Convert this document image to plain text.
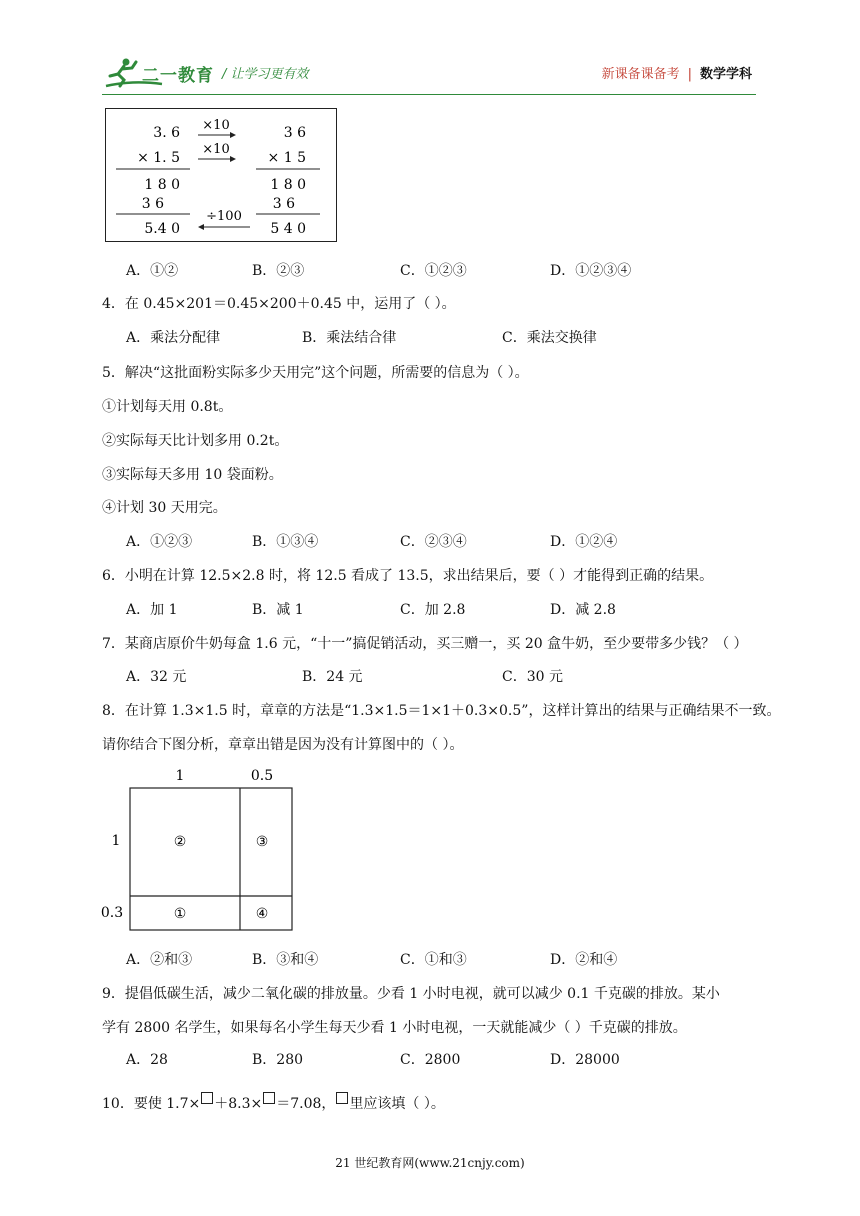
二一教育 / 让学习更有效	新课备课备考 | 数学学科
3. 6
× 1. 5
1 8 0
3 6
5.4 0
×10
×10
÷100
3 6
× 1 5
1 8 0
3 6
5 4 0
A．①②	B．②③	C．①②③	D．①②③④
4．在 0.45×201＝0.45×200＋0.45 中，运用了（ ）。
A．乘法分配律	B．乘法结合律	C．乘法交换律
5．解决“这批面粉实际多少天用完”这个问题，所需要的信息为（ ）。
①计划每天用 0.8t。
②实际每天比计划多用 0.2t。
③实际每天多用 10 袋面粉。
④计划 30 天用完。
A．①②③	B．①③④	C．②③④	D．①②④
6．小明在计算 12.5×2.8 时，将 12.5 看成了 13.5，求出结果后，要（ ）才能得到正确的结果。
A．加 1	B．减 1	C．加 2.8	D．减 2.8
7．某商店原价牛奶每盒 1.6 元，“十一”搞促销活动，买三赠一，买 20 盒牛奶，至少要带多少钱？（ ）
A．32 元	B．24 元	C．30 元
8．在计算 1.3×1.5 时，章章的方法是“1.3×1.5＝1×1＋0.3×0.5”，这样计算出的结果与正确结果不一致。
请你结合下图分析，章章出错是因为没有计算图中的（ ）。
1	0.5
1
0.3
②	③
①	④
A．②和③	B．③和④	C．①和③	D．②和④
9．提倡低碳生活，减少二氧化碳的排放量。少看 1 小时电视，就可以减少 0.1 千克碳的排放。某小
学有 2800 名学生，如果每名小学生每天少看 1 小时电视，一天就能减少（ ）千克碳的排放。
A．28	B．280	C．2800	D．28000
10．要使 1.7× ＋8.3× ＝7.08， 里应该填（ ）。
21 世纪教育网(www.21cnjy.com)
